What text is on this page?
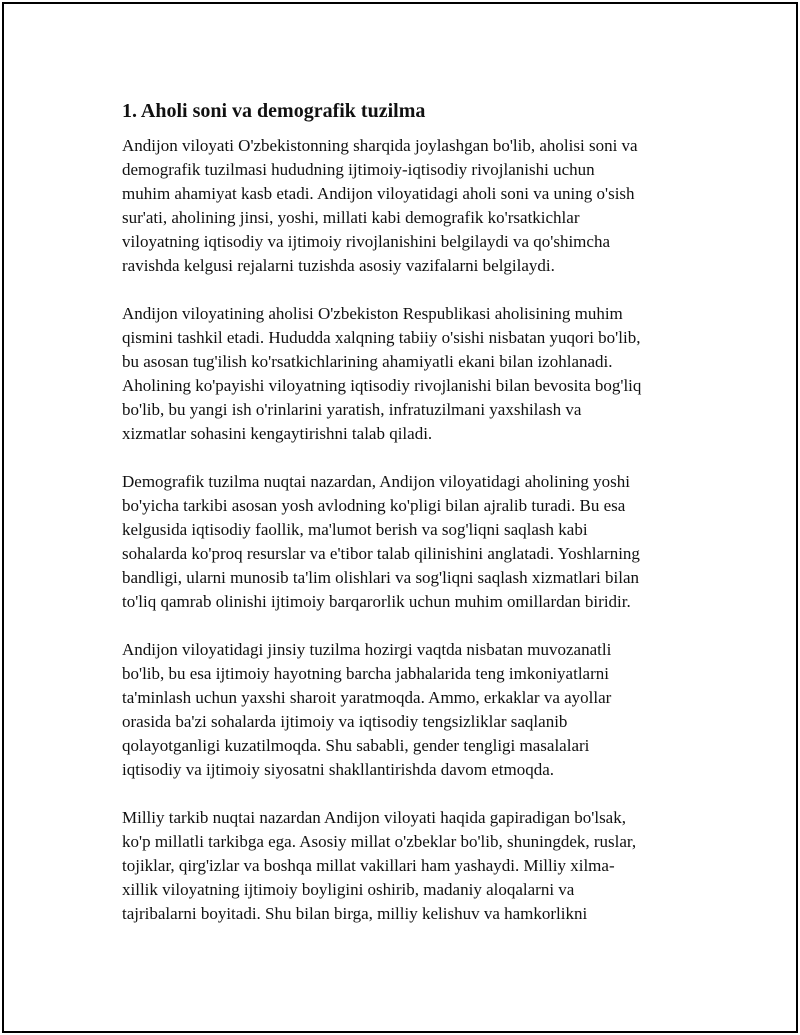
1. Aholi soni va demografik tuzilma
Andijon viloyati O'zbekistonning sharqida joylashgan bo'lib, aholisi soni va
demografik tuzilmasi hududning ijtimoiy-iqtisodiy rivojlanishi uchun
muhim ahamiyat kasb etadi. Andijon viloyatidagi aholi soni va uning o'sish
sur'ati, aholining jinsi, yoshi, millati kabi demografik ko'rsatkichlar
viloyatning iqtisodiy va ijtimoiy rivojlanishini belgilaydi va qo'shimcha
ravishda kelgusi rejalarni tuzishda asosiy vazifalarni belgilaydi.
Andijon viloyatining aholisi O'zbekiston Respublikasi aholisining muhim
qismini tashkil etadi. Hududda xalqning tabiiy o'sishi nisbatan yuqori bo'lib,
bu asosan tug'ilish ko'rsatkichlarining ahamiyatli ekani bilan izohlanadi.
Aholining ko'payishi viloyatning iqtisodiy rivojlanishi bilan bevosita bog'liq
bo'lib, bu yangi ish o'rinlarini yaratish, infratuzilmani yaxshilash va
xizmatlar sohasini kengaytirishni talab qiladi.
Demografik tuzilma nuqtai nazardan, Andijon viloyatidagi aholining yoshi
bo'yicha tarkibi asosan yosh avlodning ko'pligi bilan ajralib turadi. Bu esa
kelgusida iqtisodiy faollik, ma'lumot berish va sog'liqni saqlash kabi
sohalarda ko'proq resurslar va e'tibor talab qilinishini anglatadi. Yoshlarning
bandligi, ularni munosib ta'lim olishlari va sog'liqni saqlash xizmatlari bilan
to'liq qamrab olinishi ijtimoiy barqarorlik uchun muhim omillardan biridir.
Andijon viloyatidagi jinsiy tuzilma hozirgi vaqtda nisbatan muvozanatli
bo'lib, bu esa ijtimoiy hayotning barcha jabhalarida teng imkoniyatlarni
ta'minlash uchun yaxshi sharoit yaratmoqda. Ammo, erkaklar va ayollar
orasida ba'zi sohalarda ijtimoiy va iqtisodiy tengsizliklar saqlanib
qolayotganligi kuzatilmoqda. Shu sababli, gender tengligi masalalari
iqtisodiy va ijtimoiy siyosatni shakllantirishda davom etmoqda.
Milliy tarkib nuqtai nazardan Andijon viloyati haqida gapiradigan bo'lsak,
ko'p millatli tarkibga ega. Asosiy millat o'zbeklar bo'lib, shuningdek, ruslar,
tojiklar, qirg'izlar va boshqa millat vakillari ham yashaydi. Milliy xilma-
xillik viloyatning ijtimoiy boyligini oshirib, madaniy aloqalarni va
tajribalarni boyitadi. Shu bilan birga, milliy kelishuv va hamkorlikni
